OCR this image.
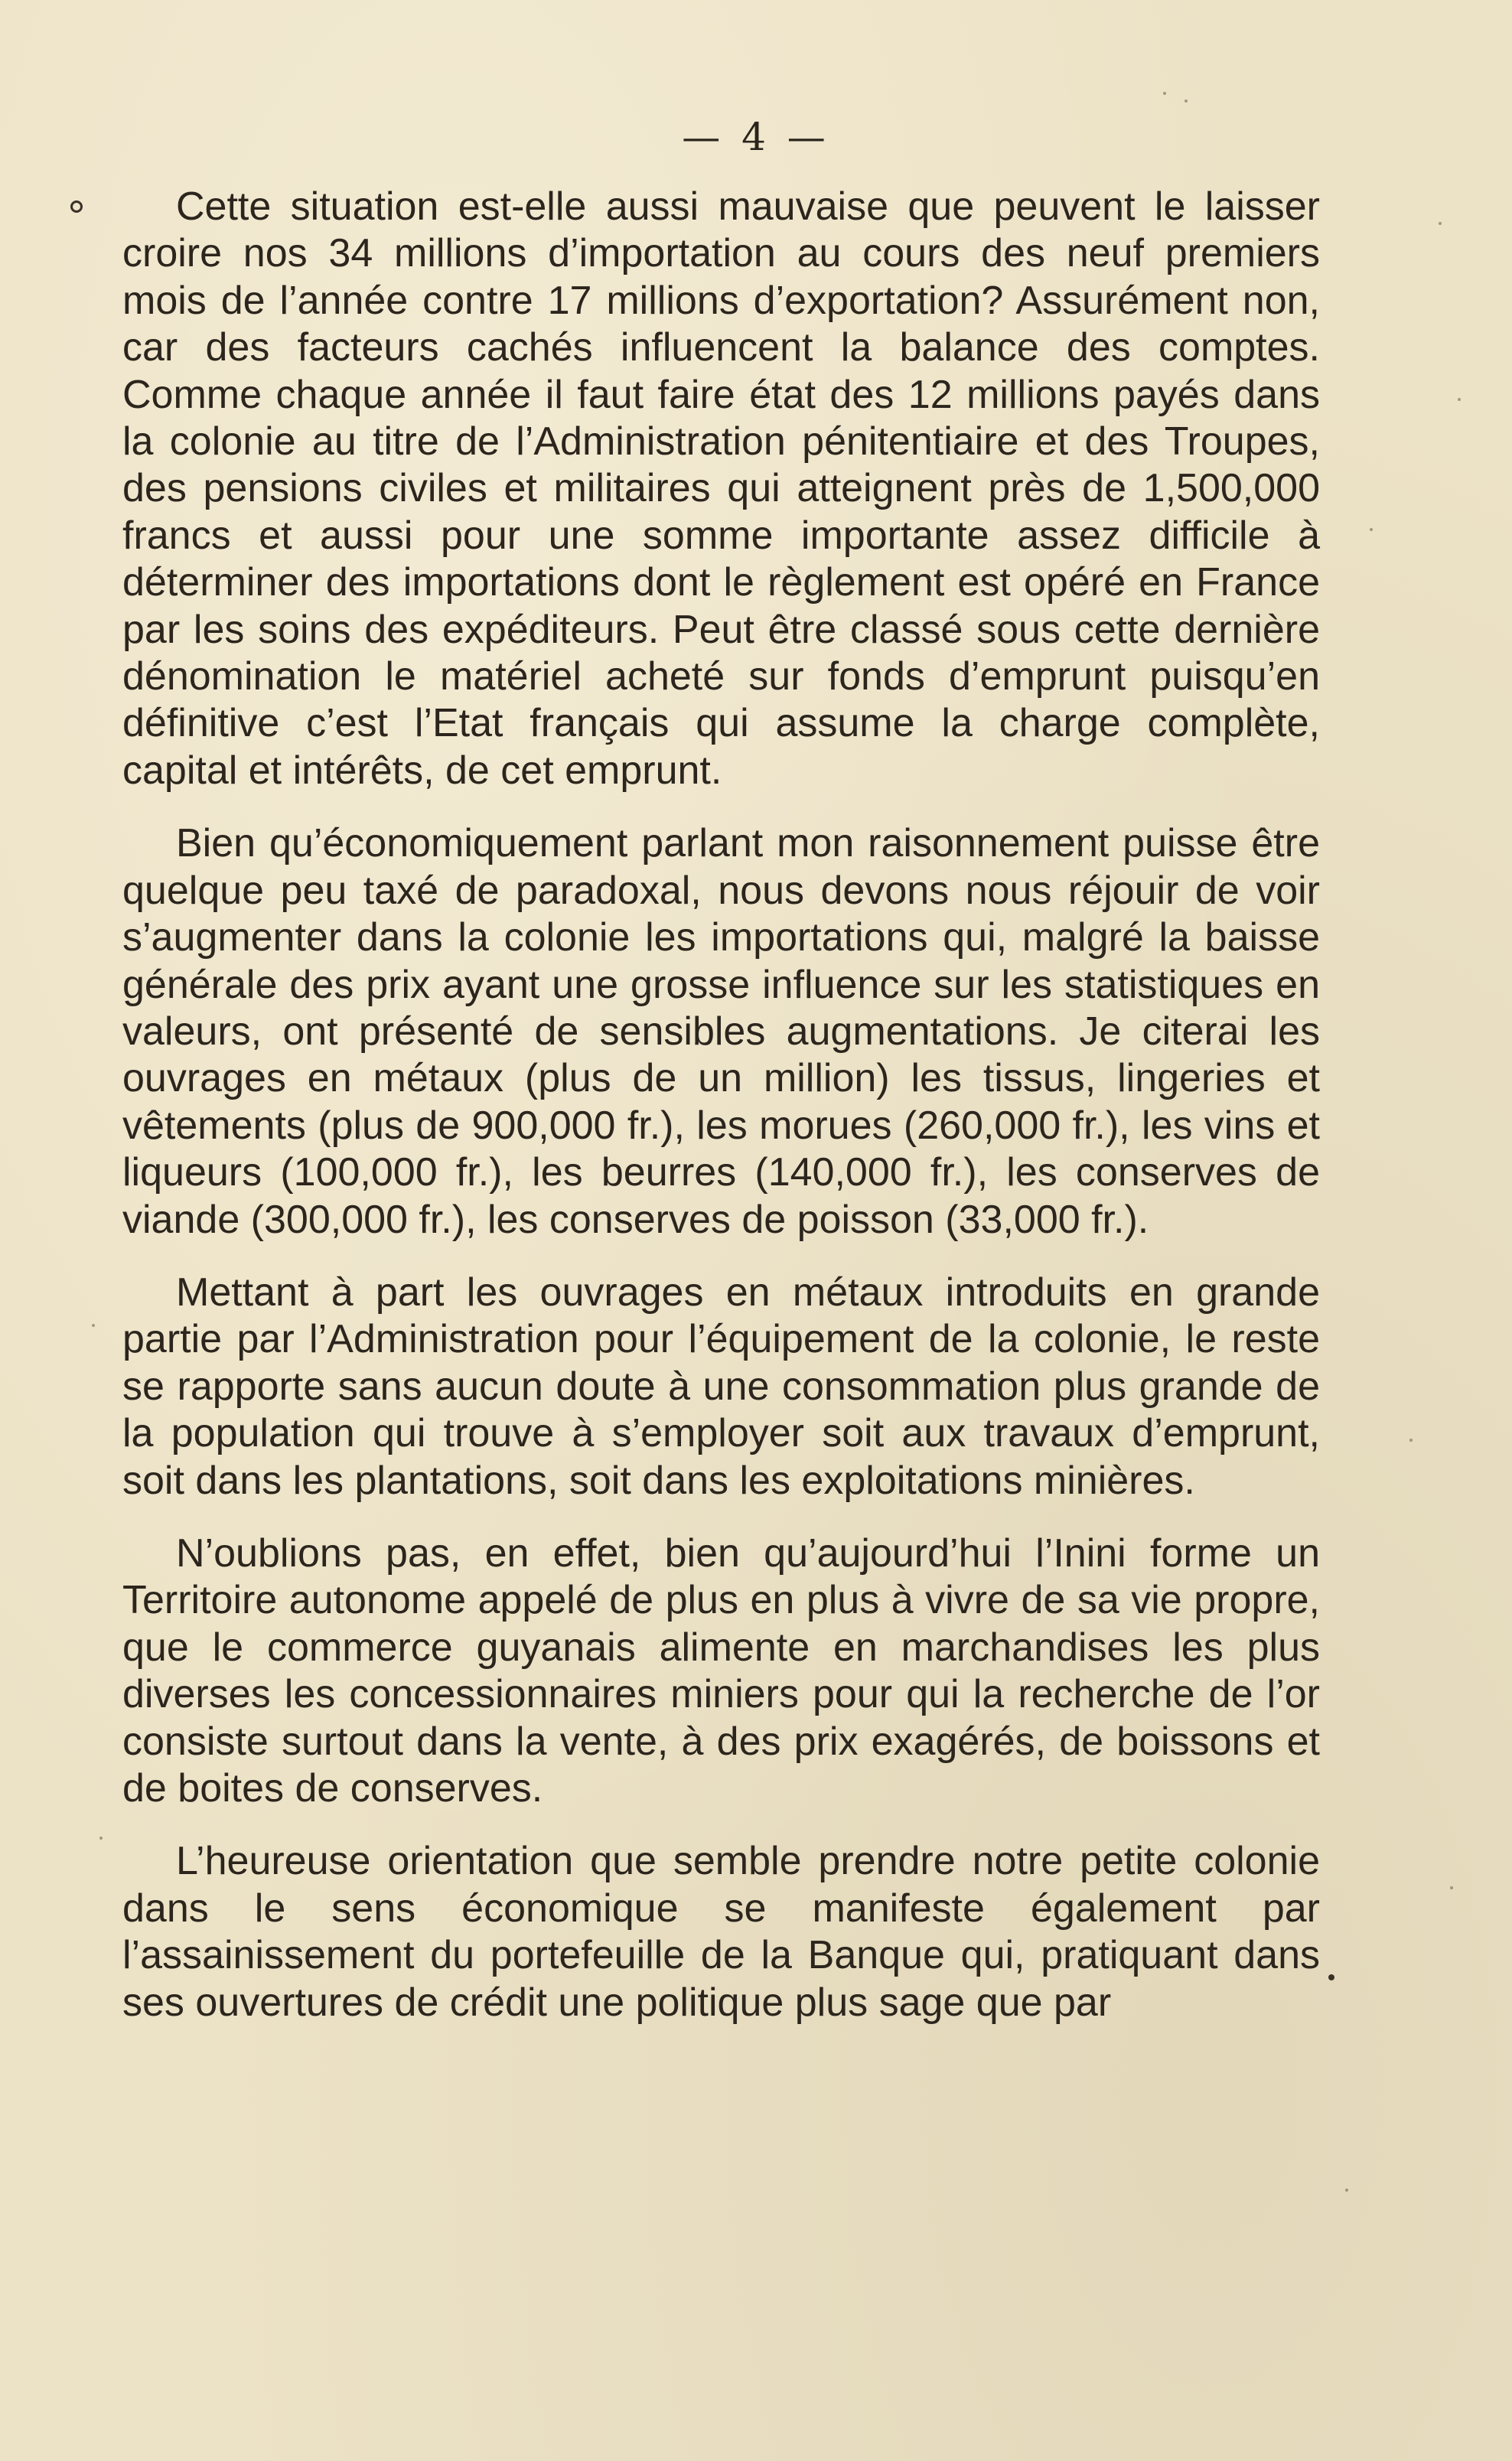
— 4 —

Cette situation est-elle aussi mauvaise que peuvent le laisser croire nos 34 millions d’importation au cours des neuf premiers mois de l’année contre 17 millions d’exportation? Assurément non, car des facteurs cachés influencent la balance des comptes. Comme chaque année il faut faire état des 12 millions payés dans la colonie au titre de l’Administration pénitentiaire et des Troupes, des pensions civiles et militaires qui atteignent près de 1,500,000 francs et aussi pour une somme importante assez difficile à déterminer des importations dont le règlement est opéré en France par les soins des expéditeurs. Peut être classé sous cette dernière dénomination le matériel acheté sur fonds d’emprunt puisqu’en définitive c’est l’Etat français qui assume la charge complète, capital et intérêts, de cet emprunt.

Bien qu’économiquement parlant mon raisonnement puisse être quelque peu taxé de paradoxal, nous devons nous réjouir de voir s’augmenter dans la colonie les importations qui, malgré la baisse générale des prix ayant une grosse influence sur les statistiques en valeurs, ont présenté de sensibles augmentations. Je citerai les ouvrages en métaux (plus de un million) les tissus, lingeries et vêtements (plus de 900,000 fr.), les morues (260,000 fr.), les vins et liqueurs (100,000 fr.), les beurres (140,000 fr.), les conserves de viande (300,000 fr.), les conserves de poisson (33,000 fr.).

Mettant à part les ouvrages en métaux introduits en grande partie par l’Administration pour l’équipement de la colonie, le reste se rapporte sans aucun doute à une consommation plus grande de la population qui trouve à s’employer soit aux travaux d’emprunt, soit dans les plantations, soit dans les exploitations minières.

N’oublions pas, en effet, bien qu’aujourd’hui l’Inini forme un Territoire autonome appelé de plus en plus à vivre de sa vie propre, que le commerce guyanais alimente en marchandises les plus diverses les concessionnaires miniers pour qui la recherche de l’or consiste surtout dans la vente, à des prix exagérés, de boissons et de boites de conserves.

L’heureuse orientation que semble prendre notre petite colonie dans le sens économique se manifeste également par l’assainissement du portefeuille de la Banque qui, pratiquant dans ses ouvertures de crédit une politique plus sage que par
